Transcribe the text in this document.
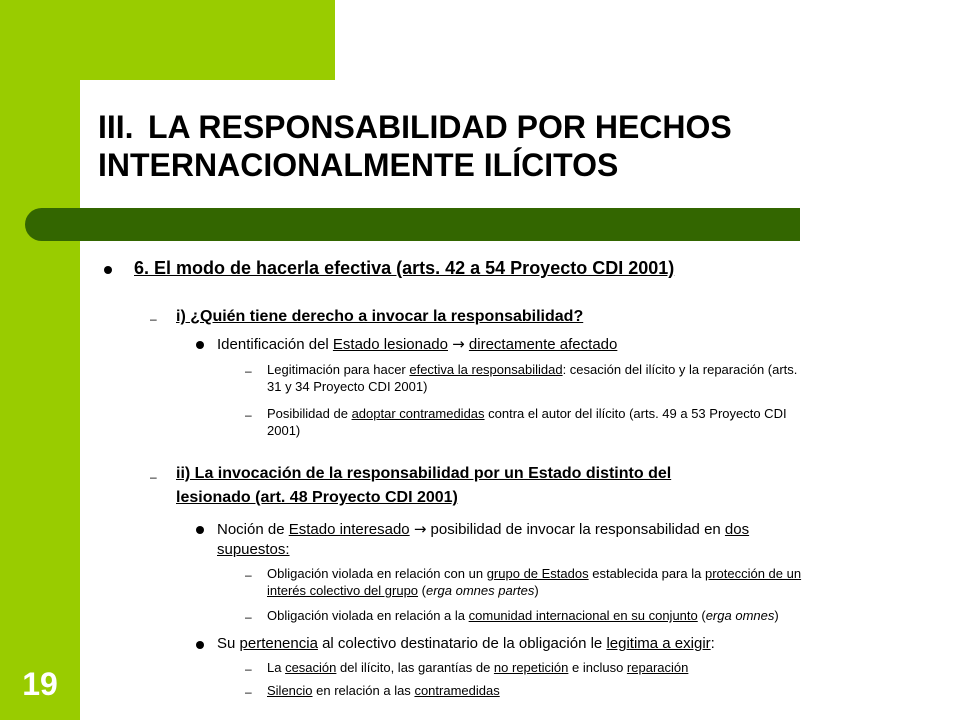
19
III. LA RESPONSABILIDAD POR HECHOS
INTERNACIONALMENTE ILÍCITOS
6. El modo de hacerla efectiva (arts. 42 a 54 Proyecto CDI 2001)
– i) ¿Quién tiene derecho a invocar la responsabilidad?
Identificación del Estado lesionado → directamente afectado
– Legitimación para hacer efectiva la responsabilidad: cesación del ilícito y la reparación (arts.
31 y 34 Proyecto CDI 2001)
– Posibilidad de adoptar contramedidas contra el autor del ilícito (arts. 49 a 53 Proyecto CDI
2001)
– ii) La invocación de la responsabilidad por un Estado distinto del
lesionado (art. 48 Proyecto CDI 2001)
Noción de Estado interesado → posibilidad de invocar la responsabilidad en dos
supuestos:
– Obligación violada en relación con un grupo de Estados establecida para la protección de un
interés colectivo del grupo (erga omnes partes)
– Obligación violada en relación a la comunidad internacional en su conjunto (erga omnes)
Su pertenencia al colectivo destinatario de la obligación le legitima a exigir:
– La cesación del ilícito, las garantías de no repetición e incluso reparación
– Silencio en relación a las contramedidas
